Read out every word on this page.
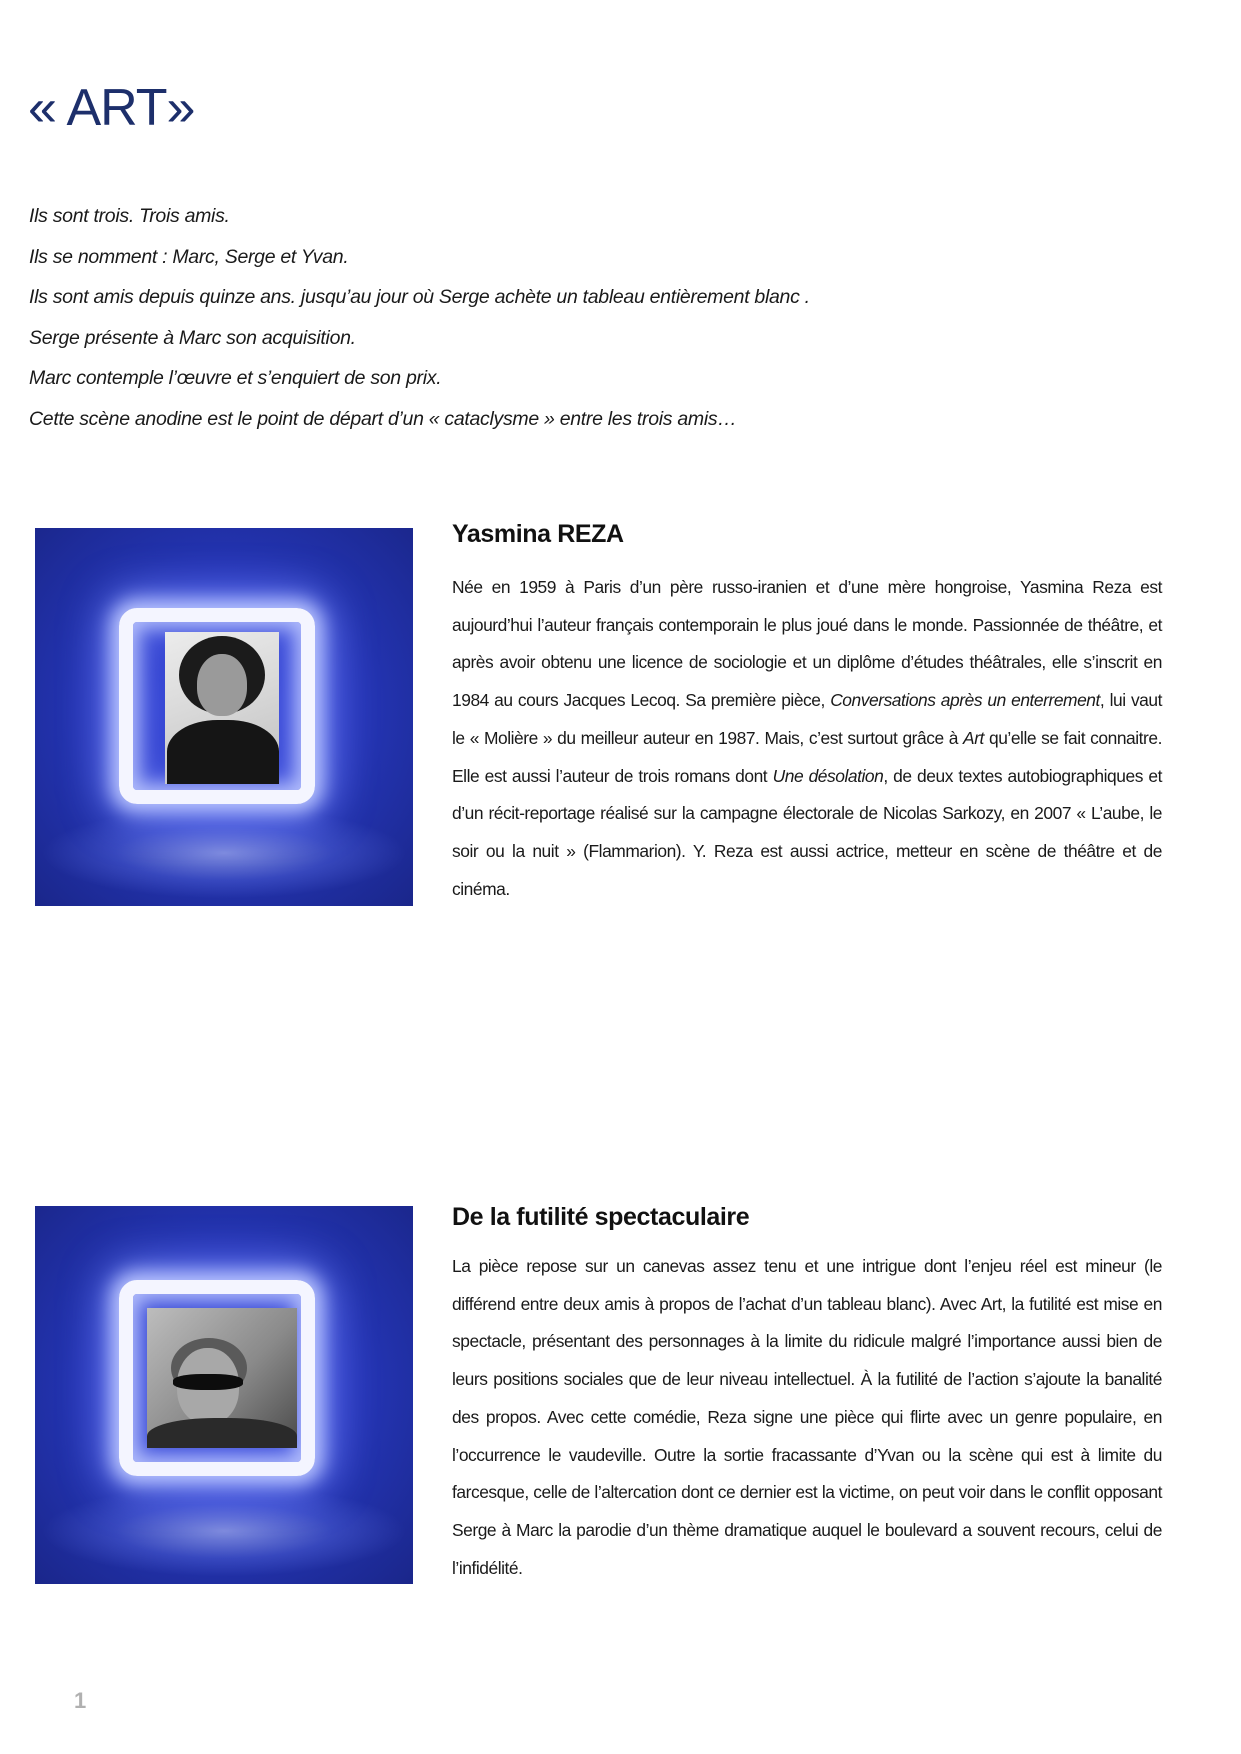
« ART»
Ils sont trois. Trois amis.
Ils se nomment : Marc, Serge et Yvan.
Ils sont amis depuis quinze ans. jusqu’au jour où Serge achète un tableau entièrement blanc .
Serge présente à Marc son acquisition.
Marc contemple l’œuvre et s’enquiert de son prix.
Cette scène anodine est le point de départ d’un « cataclysme » entre les trois amis…
Yasmina REZA

Née en 1959 à Paris d’un père russo-iranien et d’une mère hongroise, Yasmina Reza est aujourd’hui l’auteur français contemporain le plus joué dans le monde. Passionnée de théâtre, et après avoir obtenu une licence de sociologie et un diplôme d’études théâtrales, elle s’inscrit en 1984 au cours Jacques Lecoq. Sa première pièce, Conversations après un enterrement, lui vaut le « Molière » du meilleur auteur en 1987. Mais, c’est surtout grâce à Art qu’elle se fait connaitre. Elle est aussi l’auteur de trois romans dont Une désolation, de deux textes autobiographiques et d’un récit-reportage réalisé sur la campagne électorale de Nicolas Sarkozy, en 2007 « L’aube, le soir ou la nuit » (Flammarion). Y. Reza est aussi actrice, metteur en scène de théâtre et de cinéma.

De la futilité spectaculaire

La pièce repose sur un canevas assez tenu et une intrigue dont l’enjeu réel est mineur (le différend entre deux amis à propos de l’achat d’un tableau blanc). Avec Art, la futilité est mise en spectacle, présentant des personnages à la limite du ridicule malgré l’importance aussi bien de leurs positions sociales que de leur niveau intellectuel. À la futilité de l’action s’ajoute la banalité des propos. Avec cette comédie, Reza signe une pièce qui flirte avec un genre populaire, en l’occurrence le vaudeville. Outre la sortie fracassante d’Yvan ou la scène qui est à limite du farcesque, celle de l’altercation dont ce dernier est la victime, on peut voir dans le conflit opposant Serge à Marc la parodie d’un thème dramatique auquel le boulevard a souvent recours, celui de l’infidélité.

1
